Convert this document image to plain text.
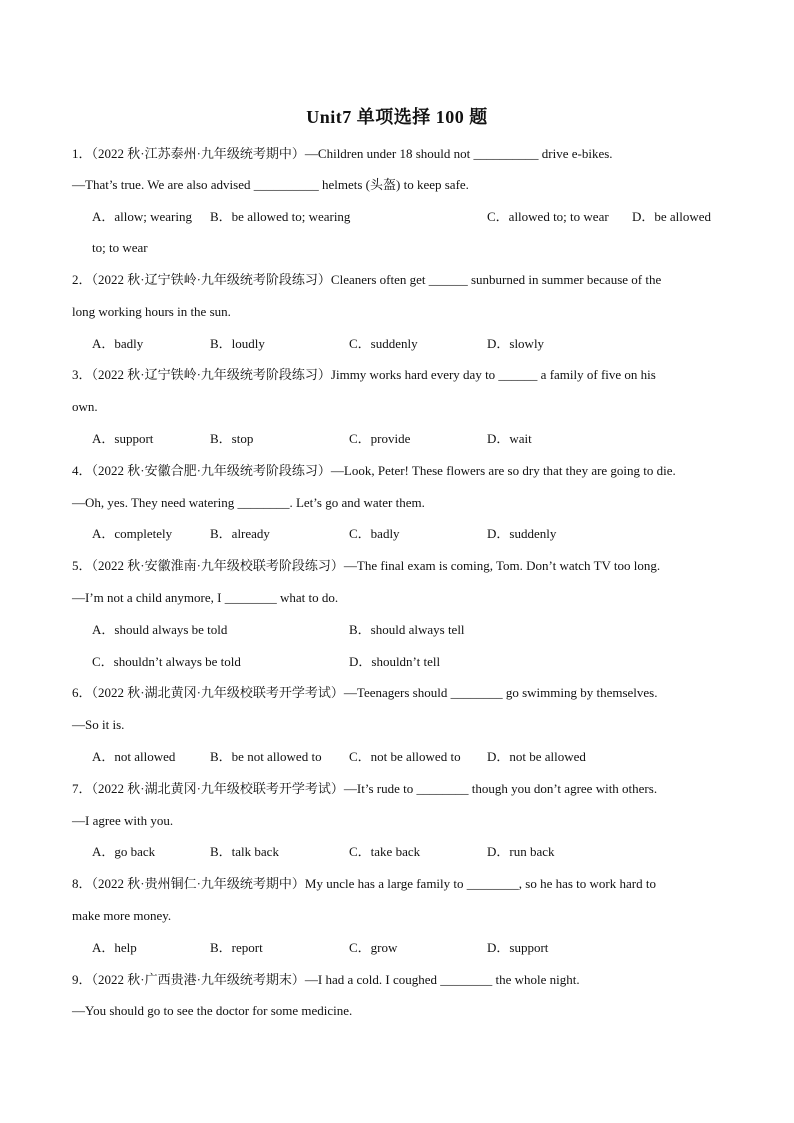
Unit7 单项选择 100 题
1．（2022 秋·江苏泰州·九年级统考期中）—Children under 18 should not __________ drive e-bikes.
—That’s true. We are also advised __________ helmets (头盔) to keep safe.
A．allow; wearing B．be allowed to; wearing	C．allowed to; to wear D．be allowed
to; to wear
2．（2022 秋·辽宁铁岭·九年级统考阶段练习）Cleaners often get ______ sunburned in summer because of the
long working hours in the sun.
A．badly	B．loudly	C．suddenly	D．slowly
3．（2022 秋·辽宁铁岭·九年级统考阶段练习）Jimmy works hard every day to ______ a family of five on his
own.
A．support	B．stop	C．provide	D．wait
4．（2022 秋·安徽合肥·九年级统考阶段练习）—Look, Peter! These flowers are so dry that they are going to die.
—Oh, yes. They need watering ________. Let’s go and water them.
A．completely	B．already	C．badly	D．suddenly
5．（2022 秋·安徽淮南·九年级校联考阶段练习）—The final exam is coming, Tom. Don’t watch TV too long.
—I’m not a child anymore, I ________ what to do.
A．should always be told	B．should always tell
C．shouldn’t always be told	D．shouldn’t tell
6．（2022 秋·湖北黄冈·九年级校联考开学考试）—Teenagers should ________ go swimming by themselves.
—So it is.
A．not allowed	B．be not allowed to C．not be allowed to D．not be allowed
7．（2022 秋·湖北黄冈·九年级校联考开学考试）—It’s rude to ________ though you don’t agree with others.
—I agree with you.
A．go back	B．talk back	C．take back	D．run back
8．（2022 秋·贵州铜仁·九年级统考期中）My uncle has a large family to ________, so he has to work hard to
make more money.
A．help	B．report	C．grow	D．support
9．（2022 秋·广西贵港·九年级统考期末）—I had a cold. I coughed ________ the whole night.
—You should go to see the doctor for some medicine.
